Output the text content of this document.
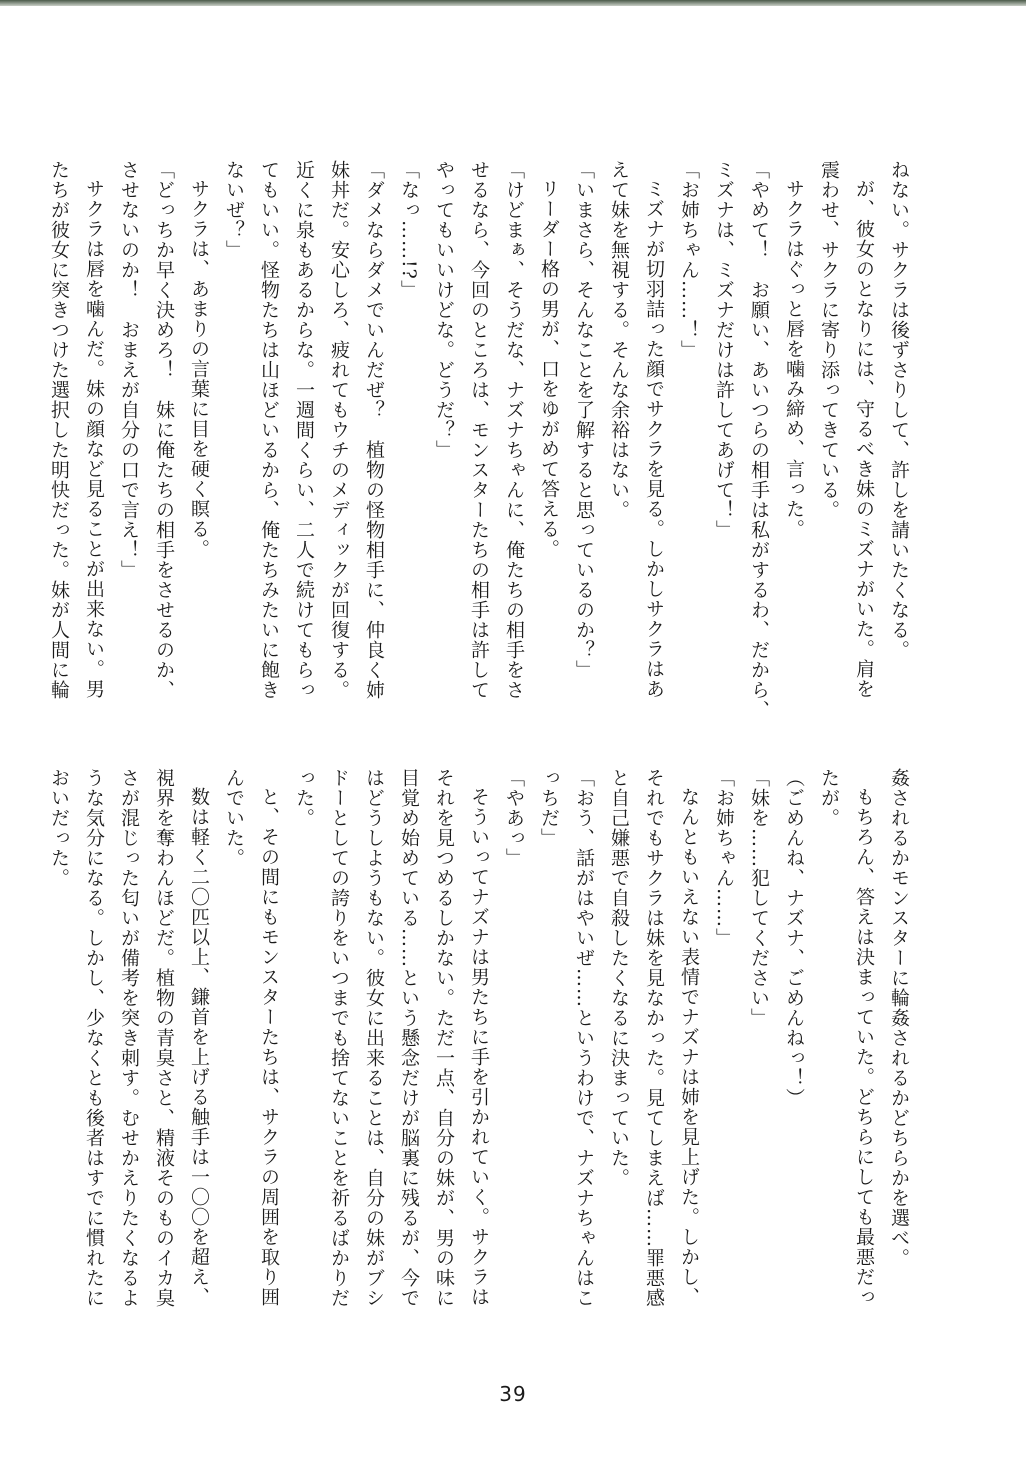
ねない。サクラは後ずさりして、許しを請いたくなる。

が、彼女のとなりには、守るべき妹のミズナがいた。肩を

震わせ、サクラに寄り添ってきている。

サクラはぐっと唇を噛み締め、言った。

「やめて！　お願い、あいつらの相手は私がするわ、だから、

ミズナは、ミズナだけは許してあげて！」

「お姉ちゃん……！」

ミズナが切羽詰った顔でサクラを見る。しかしサクラはあ

えて妹を無視する。そんな余裕はない。

「いまさら、そんなことを了解すると思っているのか？」

リーダー格の男が、口をゆがめて答える。

「けどまぁ、そうだな、ナズナちゃんに、俺たちの相手をさ

せるなら、今回のところは、モンスターたちの相手は許して

やってもいいけどな。どうだ？」

「なっ……!?」

「ダメならダメでいんだぜ？　植物の怪物相手に、仲良く姉

妹丼だ。安心しろ、疲れてもウチのメディックが回復する。

近くに泉もあるからな。一週間くらい、二人で続けてもらっ

てもいい。怪物たちは山ほどいるから、俺たちみたいに飽き

ないぜ？」

サクラは、あまりの言葉に目を硬く瞑る。

「どっちか早く決めろ！　妹に俺たちの相手をさせるのか、

させないのか！　おまえが自分の口で言え！」

サクラは唇を噛んだ。妹の顔など見ることが出来ない。男

たちが彼女に突きつけた選択した明快だった。妹が人間に輪

姦されるかモンスターに輪姦されるかどちらかを選べ。

もちろん、答えは決まっていた。どちらにしても最悪だっ

たが。

（ごめんね、ナズナ、ごめんねっ！）

「妹を……犯してください」

「お姉ちゃん……」

なんともいえない表情でナズナは姉を見上げた。しかし、

それでもサクラは妹を見なかった。見てしまえば……罪悪感

と自己嫌悪で自殺したくなるに決まっていた。

「おう、話がはやいぜ……というわけで、ナズナちゃんはこ

っちだ」

「やあっ」

そういってナズナは男たちに手を引かれていく。サクラは

それを見つめるしかない。ただ一点、自分の妹が、男の味に

目覚め始めている……という懸念だけが脳裏に残るが、今で

はどうしようもない。彼女に出来ることは、自分の妹がブシ

ドーとしての誇りをいつまでも捨てないことを祈るばかりだ

った。

と、その間にもモンスターたちは、サクラの周囲を取り囲

んでいた。

数は軽く二〇匹以上、鎌首を上げる触手は一〇〇を超え、

視界を奪わんほどだ。植物の青臭さと、精液そのものイカ臭

さが混じった匂いが備考を突き刺す。むせかえりたくなるよ

うな気分になる。しかし、少なくとも後者はすでに慣れたに

おいだった。

39
